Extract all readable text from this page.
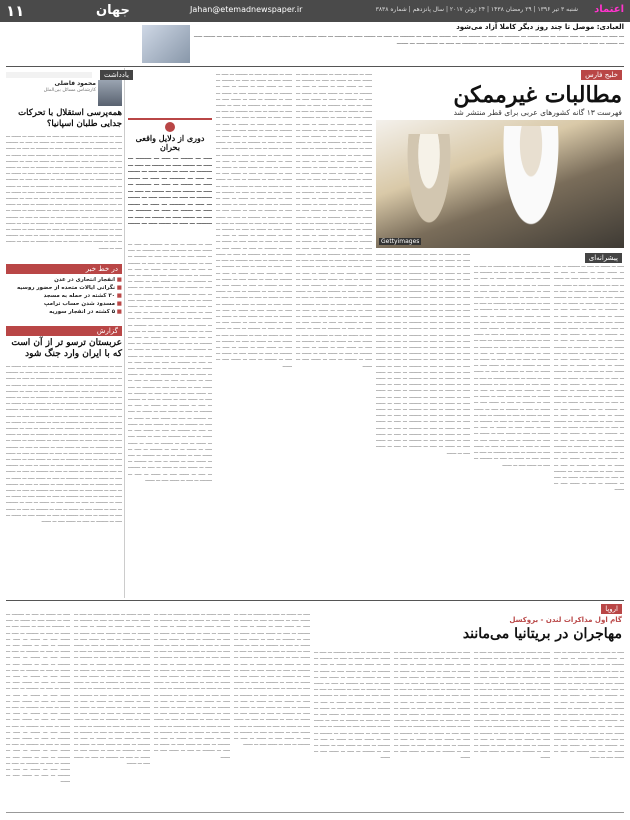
۱۱	جهان	Jahan@etemadnewspaper.ir	شنبه ۳ تیر ۱۳۹۶ | ۲۹ رمضان ۱۴۳۸ | ۲۴ ژوئن ۲۰۱۷ | سال پانزدهم | شماره ۳۸۳۸ اعتماد
العبادی: موصل تا چند روز دیگر کاملا آزاد می‌شود
ـــ ـــــ ـــ ـــــــــ ـــ ـــــ ـــــــ ـــ ـــــ ـــــــ ـــ ـــــــــ ـــ ـــــ ـــ ـــــــ ـــــ ـــ ـــــــ ـــ ـــــ ـــ ـــــــــ ـــ ـــــ ـــ ـــــــ ـــــ ـــ ـــــــ ـــ ـــــ ـــــــ ـــ ـــ ـــــــ ـــ ـــــ ـــ ـــــــــ ـــ ـــــ ـــ ـــــــ ـــــ ـــ ـــــــ ـــ ـــــ ـــ ـــــــــ ـــ ـــــ ـــ ـــــــ ـــــ ـــ ـــــــ ـــ ـــــ ـــ ـــــــــ ـــ ـــــ ـــ ـــــــ ـــــ ـــ ـــــــ
خلیج فارس
مطالبات غیرممکن
فهرست ۱۳ گانه کشورهای عربی برای قطر منتشر شد
Gettyimages
پیشرانه‌ای

ـــــ ـــ ـــــــ ـــ ـــــ ـــ ـــــــــ ـــ ـــــ ـــ ـــــــ ـــــ ـــ ـــــــ ـــ ـــــ ـــ ـــــــــ ـــ ـــــ ـــ ـــــــ ـــــ ـــ ـــــــ ـــ ـــــ ـــ ـــــــــ ـــ ـــــ ـــ ـــــــ ـــــ ـــ ـــــــ ـــ ـــــ ـــ ـــــــــ ـــ ـــــ ـــ ـــــــ ـــــ ـــ ـــــــ ـــ ـــــ ـــ ـــــــــ ـــ ـــــ ـــ ـــــــ ـــــ ـــ ـــــــ ـــ ـــــ ـــ ـــــــــ ـــ ـــــ ـــ ـــــــ ـــــ ـــ ـــــــ ـــ ـــــ ـــ ـــــــــ ـــ ـــــ ـــ ـــــــ ـــــ ـــ ـــــــ ـــ ـــــ ـــ ـــــــــ ـــ ـــــ ـــ ـــــــ ـــــ ـــ ـــــــ ـــ ـــــ ـــ ـــــــــ ـــ ـــــ ـــ ـــــــ ـــــ ـــ ـــــــ ـــ ـــــ ـــ ـــــــــ ـــ ـــــ ـــ ـــــــ ـــــ ـــ ـــــــ ـــ ـــــ ـــ ـــــــــ ـــ ـــــ ـــ ـــــــ ـــــ ـــ ـــــــ ـــ ـــــ ـــ ـــــــــ ـــ ـــــ ـــ ـــــــ ـــــ ـــ ـــــــ ـــ ـــــ ـــ ـــــــــ ـــ ـــــ ـــ ـــــــ ـــــ ـــ ـــــــ ـــ ـــــ ـــ ـــــــــ ـــ ـــــ ـــ ـــــــ ـــــ ـــ ـــــــ ـــ ـــــ ـــ ـــــــــ ـــ ـــــ ـــ ـــــــ ـــــ ـــ ـــــــ ـــ ـــــ ـــ ـــــــــ ـــ ـــــ ـــ ـــــــ ـــــ ـــ ـــــــ ـــ ـــــ ـــ ـــــــــ ـــ ـــــ ـــ ـــــــ ـــــ ـــ ـــــــ ـــ ـــــ ـــ ـــــــــ ـــ ـــــ ـــ ـــــــ ـــــ ـــ ـــــــ ـــ ـــــ ـــ ـــــــــ ـــ ـــــ ـــ ـــــــ ـــــ ـــ ـــــــ ـــ ـــــ ـــ ـــــــــ ـــ ـــــ ـــ ـــــــ ـــــ ـــ ـــــــ ـــ ـــــ ـــ ـــــــــ ـــ ـــــ ـــ ـــــــ ـــــ ـــ ـــــــ ـــ ـــــ ـــ ـــــــــ ـــ ـــــ ـــ ـــــــ ـــــ ـــ ـــــــ ـــ ـــــ ـــ ـــــــــ ـــ ـــــ ـــ ـــــــ ـــــ ـــ ـــــــ ـــ ـــــ ـــ ـــــــــ ـــ ـــــ ـــ ـــــــ ـــــ ـــ ـــــــ ـــ ـــــ ـــ ـــــــــ ـــ ـــــ ـــ ـــــــ ـــــ ـــ ـــــــ ـــ ـــــ ـــ ـــــــــ ـــ ـــــ ـــ ـــــــ ـــــ ـــ ـــــــ ـــ ـــــ ـــ ـــــــــ ـــ ـــــ ـــ ـــــــ ـــــ ـــ ـــــــ

ـــــ ـــ ـــــــ ـــ ـــــ ـــ ـــــــــ ـــ ـــــ ـــ ـــــــ ـــــ ـــ ـــــــ ـــ ـــــ ـــ ـــــــــ ـــ ـــــ ـــ ـــــــ ـــــ ـــ ـــــــ ـــ ـــــ ـــ ـــــــــ ـــ ـــــ ـــ ـــــــ ـــــ ـــ ـــــــ ـــ ـــــ ـــ ـــــــــ ـــ ـــــ ـــ ـــــــ ـــــ ـــ ـــــــ ـــ ـــــ ـــ ـــــــــ ـــ ـــــ ـــ ـــــــ ـــــ ـــ ـــــــ ـــ ـــــ ـــ ـــــــــ ـــ ـــــ ـــ ـــــــ ـــــ ـــ ـــــــ ـــ ـــــ ـــ ـــــــــ ـــ ـــــ ـــ ـــــــ ـــــ ـــ ـــــــ ـــ ـــــ ـــ ـــــــــ ـــ ـــــ ـــ ـــــــ ـــــ ـــ ـــــــ ـــ ـــــ ـــ ـــــــــ ـــ ـــــ ـــ ـــــــ ـــــ ـــ ـــــــ ـــ ـــــ ـــ ـــــــــ ـــ ـــــ ـــ ـــــــ ـــــ ـــ ـــــــ ـــ ـــــ ـــ ـــــــــ ـــ ـــــ ـــ ـــــــ ـــــ ـــ ـــــــ ـــ ـــــ ـــ ـــــــــ ـــ ـــــ ـــ ـــــــ ـــــ ـــ ـــــــ ـــ ـــــ ـــ ـــــــــ ـــ ـــــ ـــ ـــــــ ـــــ ـــ ـــــــ ـــ ـــــ ـــ ـــــــــ ـــ ـــــ ـــ ـــــــ ـــــ ـــ ـــــــ ـــ ـــــ ـــ ـــــــــ ـــ ـــــ ـــ ـــــــ ـــــ ـــ ـــــــ ـــ ـــــ ـــ ـــــــــ ـــ ـــــ ـــ ـــــــ ـــــ ـــ ـــــــ ـــ ـــــ ـــ ـــــــــ ـــ ـــــ ـــ ـــــــ ـــــ ـــ ـــــــ ـــ ـــــ ـــ ـــــــــ ـــ ـــــ ـــ ـــــــ ـــــ ـــ ـــــــ ـــ ـــــ ـــ ـــــــــ ـــ ـــــ ـــ ـــــــ ـــــ ـــ ـــــــ ـــ ـــــ ـــ ـــــــــ ـــ ـــــ ـــ ـــــــ ـــــ ـــ ـــــــ ـــ ـــــ ـــ ـــــــــ ـــ ـــــ ـــ ـــــــ ـــــ ـــ ـــــــ ـــ ـــــ ـــ ـــــــــ ـــ ـــــ ـــ ـــــــ ـــــ ـــ ـــــــ ـــ ـــــ ـــ ـــــــــ ـــ ـــــ ـــ ـــــــ ـــــ ـــ ـــــــ ـــ ـــــ ـــ ـــــــــ ـــ ـــــ ـــ ـــــــ ـــــ ـــ ـــــــ ـــ ـــــ ـــ ـــــــــ ـــ ـــــ ـــ ـــــــ ـــــ ـــ ـــــــ ـــ ـــــ ـــ ـــــــــ ـــ ـــــ ـــ ـــــــ ـــــ ـــ ـــــــ ـــ ـــــ ـــ ـــــــــ ـــ ـــــ ـــ ـــــــ ـــــ ـــ ـــــــ

ـــــ ـــ ـــــــ ـــ ـــــ ـــ ـــــــــ ـــ ـــــ ـــ ـــــــ ـــــ ـــ ـــــــ ـــ ـــــ ـــ ـــــــــ ـــ ـــــ ـــ ـــــــ ـــــ ـــ ـــــــ ـــ ـــــ ـــ ـــــــــ ـــ ـــــ ـــ ـــــــ ـــــ ـــ ـــــــ ـــ ـــــ ـــ ـــــــــ ـــ ـــــ ـــ ـــــــ ـــــ ـــ ـــــــ ـــ ـــــ ـــ ـــــــــ ـــ ـــــ ـــ ـــــــ ـــــ ـــ ـــــــ ـــ ـــــ ـــ ـــــــــ ـــ ـــــ ـــ ـــــــ ـــــ ـــ ـــــــ ـــ ـــــ ـــ ـــــــــ ـــ ـــــ ـــ ـــــــ ـــــ ـــ ـــــــ ـــ ـــــ ـــ ـــــــــ ـــ ـــــ ـــ ـــــــ ـــــ ـــ ـــــــ ـــ ـــــ ـــ ـــــــــ ـــ ـــــ ـــ ـــــــ ـــــ ـــ ـــــــ ـــ ـــــ ـــ ـــــــــ ـــ ـــــ ـــ ـــــــ ـــــ ـــ ـــــــ ـــ ـــــ ـــ ـــــــــ ـــ ـــــ ـــ ـــــــ ـــــ ـــ ـــــــ ـــ ـــــ ـــ ـــــــــ ـــ ـــــ ـــ ـــــــ ـــــ ـــ ـــــــ ـــ ـــــ ـــ ـــــــــ ـــ ـــــ ـــ ـــــــ ـــــ ـــ ـــــــ ـــ ـــــ ـــ ـــــــــ ـــ ـــــ ـــ ـــــــ ـــــ ـــ ـــــــ ـــ ـــــ ـــ ـــــــــ ـــ ـــــ ـــ ـــــــ ـــــ ـــ ـــــــ ـــ ـــــ ـــ ـــــــــ ـــ ـــــ ـــ ـــــــ ـــــ ـــ ـــــــ ـــ ـــــ ـــ ـــــــــ ـــ ـــــ ـــ ـــــــ ـــــ ـــ ـــــــ ـــ ـــــ ـــ ـــــــــ ـــ ـــــ ـــ ـــــــ ـــــ ـــ ـــــــ ـــ ـــــ ـــ ـــــــــ ـــ ـــــ ـــ ـــــــ ـــــ ـــ ـــــــ ـــ ـــــ ـــ ـــــــــ ـــ ـــــ ـــ ـــــــ ـــــ ـــ ـــــــ ـــ ـــــ ـــ ـــــــــ ـــ ـــــ ـــ ـــــــ ـــــ ـــ ـــــــ ـــ ـــــ ـــ ـــــــــ ـــ ـــــ ـــ ـــــــ ـــــ ـــ ـــــــ ـــ ـــــ ـــ ـــــــــ ـــ ـــــ ـــ ـــــــ ـــــ ـــ ـــــــ ـــ ـــــ ـــ ـــــــــ ـــ ـــــ ـــ ـــــــ ـــــ ـــ ـــــــ ـــ ـــــ ـــ ـــــــــ ـــ ـــــ ـــ ـــــــ ـــــ ـــ ـــــــ ـــ ـــــ ـــ ـــــــــ ـــ ـــــ ـــ ـــــــ ـــــ ـــ ـــــــ ـــ ـــــ ـــ ـــــــــ ـــ ـــــ ـــ ـــــــ ـــــ ـــ ـــــــ ـــ ـــــ ـــ ـــــــــ ـــ ـــــ ـــ ـــــــ ـــــ ـــ ـــــــ ـــ ـــــ ـــ ـــــــــ ـــ ـــــ ـــ ـــــــ ـــــ ـــ ـــــــ ـــ ـــــ ـــ ـــــــــ ـــ ـــــ ـــ ـــــــ ـــــ ـــ ـــــــ ـــ ـــــ ـــ ـــــــــ ـــ ـــــ ـــ ـــــــ ـــــ ـــ ـــــــ ـــ ـــــ ـــ ـــــــــ ـــ ـــــ ـــ ـــــــ ـــــ ـــ ـــــــ

ـــــ ـــ ـــــــ ـــ ـــــ ـــ ـــــــــ ـــ ـــــ ـــ ـــــــ ـــــ ـــ ـــــــ ـــ ـــــ ـــ ـــــــــ ـــ ـــــ ـــ ـــــــ ـــــ ـــ ـــــــ ـــ ـــــ ـــ ـــــــــ ـــ ـــــ ـــ ـــــــ ـــــ ـــ ـــــــ ـــ ـــــ ـــ ـــــــــ ـــ ـــــ ـــ ـــــــ ـــــ ـــ ـــــــ ـــ ـــــ ـــ ـــــــــ ـــ ـــــ ـــ ـــــــ ـــــ ـــ ـــــــ ـــ ـــــ ـــ ـــــــــ ـــ ـــــ ـــ ـــــــ ـــــ ـــ ـــــــ ـــ ـــــ ـــ ـــــــــ ـــ ـــــ ـــ ـــــــ ـــــ ـــ ـــــــ ـــ ـــــ ـــ ـــــــــ ـــ ـــــ ـــ ـــــــ ـــــ ـــ ـــــــ ـــ ـــــ ـــ ـــــــــ ـــ ـــــ ـــ ـــــــ ـــــ ـــ ـــــــ ـــ ـــــ ـــ ـــــــــ ـــ ـــــ ـــ ـــــــ ـــــ ـــ ـــــــ ـــ ـــــ ـــ ـــــــــ ـــ ـــــ ـــ ـــــــ ـــــ ـــ ـــــــ ـــ ـــــ ـــ ـــــــــ ـــ ـــــ ـــ ـــــــ ـــــ ـــ ـــــــ ـــ ـــــ ـــ ـــــــــ ـــ ـــــ ـــ ـــــــ ـــــ ـــ ـــــــ ـــ ـــــ ـــ ـــــــــ ـــ ـــــ ـــ ـــــــ ـــــ ـــ ـــــــ ـــ ـــــ ـــ ـــــــــ ـــ ـــــ ـــ ـــــــ ـــــ ـــ ـــــــ ـــ ـــــ ـــ ـــــــــ ـــ ـــــ ـــ ـــــــ ـــــ ـــ ـــــــ ـــ ـــــ ـــ ـــــــــ ـــ ـــــ ـــ ـــــــ ـــــ ـــ ـــــــ ـــ ـــــ ـــ ـــــــــ ـــ ـــــ ـــ ـــــــ ـــــ ـــ ـــــــ ـــ ـــــ ـــ ـــــــــ ـــ ـــــ ـــ ـــــــ ـــــ ـــ ـــــــ ـــ ـــــ ـــ ـــــــــ ـــ ـــــ ـــ ـــــــ ـــــ ـــ ـــــــ ـــ ـــــ ـــ ـــــــــ ـــ ـــــ ـــ ـــــــ ـــــ ـــ ـــــــ ـــ ـــــ ـــ ـــــــــ ـــ ـــــ ـــ ـــــــ ـــــ ـــ ـــــــ ـــ ـــــ ـــ ـــــــــ ـــ ـــــ ـــ ـــــــ ـــــ ـــ ـــــــ ـــ ـــــ ـــ ـــــــــ ـــ ـــــ ـــ ـــــــ ـــــ ـــ ـــــــ ـــ ـــــ ـــ ـــــــــ ـــ ـــــ ـــ ـــــــ ـــــ ـــ ـــــــ ـــ ـــــ ـــ ـــــــــ ـــ ـــــ ـــ ـــــــ ـــــ ـــ ـــــــ ـــ ـــــ ـــ ـــــــــ ـــ ـــــ ـــ ـــــــ ـــــ ـــ ـــــــ ـــ ـــــ ـــ ـــــــــ ـــ ـــــ ـــ ـــــــ ـــــ ـــ ـــــــ ـــ ـــــ ـــ ـــــــــ ـــ ـــــ ـــ ـــــــ ـــــ ـــ ـــــــ ـــ ـــــ ـــ ـــــــــ ـــ ـــــ ـــ ـــــــ ـــــ ـــ ـــــــ ـــ ـــــ ـــ ـــــــــ ـــ ـــــ ـــ ـــــــ ـــــ ـــ ـــــــ ـــ ـــــ ـــ ـــــــــ ـــ ـــــ ـــ ـــــــ ـــــ ـــ ـــــــ ـــ ـــــ ـــ ـــــــــ ـــ ـــــ ـــ ـــــــ ـــــ ـــ ـــــــ ـــ ـــــ ـــ ـــــــــ ـــ ـــــ ـــ ـــــــ ـــــ ـــ ـــــــ ـــ ـــــ ـــ ـــــــــ ـــ ـــــ ـــ ـــــــ ـــــ ـــ ـــــــ ـــ ـــــ ـــ ـــــــــ ـــ ـــــ ـــ ـــــــ ـــــ ـــ ـــــــ ـــ ـــــ ـــ ـــــــــ ـــ ـــــ ـــ ـــــــ ـــــ ـــ ـــــــ ـــ ـــــ ـــ ـــــــــ ـــ ـــــ ـــ ـــــــ ـــــ ـــ ـــــــ ـــ ـــــ ـــ ـــــــــ ـــ ـــــ ـــ ـــــــ ـــــ ـــ ـــــــ

ـــــ ـــ ـــــــ ـــ ـــــ ـــ ـــــــــ ـــ ـــــ ـــ ـــــــ ـــــ ـــ ـــــــ ـــ ـــــ ـــ ـــــــــ ـــ ـــــ ـــ ـــــــ ـــــ ـــ ـــــــ ـــ ـــــ ـــ ـــــــــ ـــ ـــــ ـــ ـــــــ ـــــ ـــ ـــــــ ـــ ـــــ ـــ ـــــــــ ـــ ـــــ ـــ ـــــــ ـــــ ـــ ـــــــ ـــ ـــــ ـــ ـــــــــ ـــ ـــــ ـــ ـــــــ ـــــ ـــ ـــــــ ـــ ـــــ ـــ ـــــــــ ـــ ـــــ ـــ ـــــــ ـــــ ـــ ـــــــ ـــ ـــــ ـــ ـــــــــ ـــ ـــــ ـــ ـــــــ ـــــ ـــ ـــــــ ـــ ـــــ ـــ ـــــــــ ـــ ـــــ ـــ ـــــــ ـــــ ـــ ـــــــ ـــ ـــــ ـــ ـــــــــ ـــ ـــــ ـــ ـــــــ ـــــ ـــ ـــــــ ـــ ـــــ ـــ ـــــــــ ـــ ـــــ ـــ ـــــــ ـــــ ـــ ـــــــ ـــ ـــــ ـــ ـــــــــ ـــ ـــــ ـــ ـــــــ ـــــ ـــ ـــــــ ـــ ـــــ ـــ ـــــــــ ـــ ـــــ ـــ ـــــــ ـــــ ـــ ـــــــ ـــ ـــــ ـــ ـــــــــ ـــ ـــــ ـــ ـــــــ ـــــ ـــ ـــــــ ـــ ـــــ ـــ ـــــــــ ـــ ـــــ ـــ ـــــــ ـــــ ـــ ـــــــ ـــ ـــــ ـــ ـــــــــ ـــ ـــــ ـــ ـــــــ ـــــ ـــ ـــــــ ـــ ـــــ ـــ ـــــــــ ـــ ـــــ ـــ ـــــــ ـــــ ـــ ـــــــ ـــ ـــــ ـــ ـــــــــ ـــ ـــــ ـــ ـــــــ ـــــ ـــ ـــــــ ـــ ـــــ ـــ ـــــــــ ـــ ـــــ ـــ ـــــــ ـــــ ـــ ـــــــ ـــ ـــــ ـــ ـــــــــ ـــ ـــــ ـــ ـــــــ ـــــ ـــ ـــــــ ـــ ـــــ ـــ ـــــــــ ـــ ـــــ ـــ ـــــــ ـــــ ـــ ـــــــ ـــ ـــــ ـــ ـــــــــ ـــ ـــــ ـــ ـــــــ ـــــ ـــ ـــــــ ـــ ـــــ ـــ ـــــــــ ـــ ـــــ ـــ ـــــــ ـــــ ـــ ـــــــ ـــ ـــــ ـــ ـــــــــ ـــ ـــــ ـــ ـــــــ ـــــ ـــ ـــــــ ـــ ـــــ ـــ ـــــــــ ـــ ـــــ ـــ ـــــــ ـــــ ـــ ـــــــ ـــ ـــــ ـــ ـــــــــ ـــ ـــــ ـــ ـــــــ ـــــ ـــ ـــــــ ـــ ـــــ ـــ ـــــــــ ـــ ـــــ ـــ ـــــــ ـــــ ـــ ـــــــ ـــ ـــــ ـــ ـــــــــ ـــ ـــــ ـــ ـــــــ ـــــ ـــ ـــــــ ـــ ـــــ ـــ ـــــــــ ـــ ـــــ ـــ ـــــــ ـــــ ـــ ـــــــ ـــ ـــــ ـــ ـــــــــ ـــ ـــــ ـــ ـــــــ ـــــ ـــ ـــــــ ـــ ـــــ ـــ ـــــــــ ـــ ـــــ ـــ ـــــــ ـــــ ـــ ـــــــ ـــ ـــــ ـــ ـــــــــ ـــ ـــــ ـــ ـــــــ ـــــ ـــ ـــــــ ـــ ـــــ ـــ ـــــــــ ـــ ـــــ ـــ ـــــــ ـــــ ـــ ـــــــ ـــ ـــــ ـــ ـــــــــ ـــ ـــــ ـــ ـــــــ ـــــ ـــ ـــــــ ـــ ـــــ ـــ ـــــــــ ـــ ـــــ ـــ ـــــــ ـــــ ـــ ـــــــ ـــ ـــــ ـــ ـــــــــ ـــ ـــــ ـــ ـــــــ ـــــ ـــ ـــــــ ـــ ـــــ ـــ ـــــــــ ـــ ـــــ ـــ ـــــــ ـــــ ـــ ـــــــ ـــ ـــــ ـــ ـــــــــ ـــ ـــــ ـــ ـــــــ ـــــ ـــ ـــــــ ـــ ـــــ ـــ ـــــــــ ـــ ـــــ ـــ ـــــــ ـــــ ـــ ـــــــ ـــ ـــــ ـــ ـــــــــ ـــ ـــــ ـــ ـــــــ ـــــ ـــ ـــــــ

دوری از دلایل واقعی بحران

ـــــ ـــ ـــــــ ـــ ـــــ ـــ ـــــــــ ـــ ـــــ ـــ ـــــــ ـــــ ـــ ـــــــ ـــ ـــــ ـــ ـــــــــ ـــ ـــــ ـــ ـــــــ ـــــ ـــ ـــــــ ـــ ـــــ ـــ ـــــــــ ـــ ـــــ ـــ ـــــــ ـــــ ـــ ـــــــ ـــ ـــــ ـــ ـــــــــ ـــ ـــــ ـــ ـــــــ ـــــ ـــ ـــــــ ـــ ـــــ ـــ ـــــــــ ـــ ـــــ ـــ ـــــــ ـــــ ـــ ـــــــ ـــ ـــــ ـــ ـــــــــ ـــ ـــــ ـــ ـــــــ ـــــ ـــ ـــــــ ـــ ـــــ ـــ ـــــــــ ـــ ـــــ ـــ ـــــــ ـــــ ـــ ـــــــ ـــ ـــــ ـــ ـــــــــ ـــ ـــــ ـــ ـــــــ ـــــ ـــ ـــــــ

یادداشت
محمود فاضلی
کارشناس مسائل بین‌الملل
همه‌پرسی استقلال با تحرکات جدایی طلبان اسپانیا؟

ـــــ ـــ ـــــــ ـــ ـــــ ـــ ـــــــــ ـــ ـــــ ـــ ـــــــ ـــــ ـــ ـــــــ ـــ ـــــ ـــ ـــــــــ ـــ ـــــ ـــ ـــــــ ـــــ ـــ ـــــــ ـــ ـــــ ـــ ـــــــــ ـــ ـــــ ـــ ـــــــ ـــــ ـــ ـــــــ ـــ ـــــ ـــ ـــــــــ ـــ ـــــ ـــ ـــــــ ـــــ ـــ ـــــــ ـــ ـــــ ـــ ـــــــــ ـــ ـــــ ـــ ـــــــ ـــــ ـــ ـــــــ ـــ ـــــ ـــ ـــــــــ ـــ ـــــ ـــ ـــــــ ـــــ ـــ ـــــــ ـــ ـــــ ـــ ـــــــــ ـــ ـــــ ـــ ـــــــ ـــــ ـــ ـــــــ ـــ ـــــ ـــ ـــــــــ ـــ ـــــ ـــ ـــــــ ـــــ ـــ ـــــــ ـــ ـــــ ـــ ـــــــــ ـــ ـــــ ـــ ـــــــ ـــــ ـــ ـــــــ ـــ ـــــ ـــ ـــــــــ ـــ ـــــ ـــ ـــــــ ـــــ ـــ ـــــــ ـــ ـــــ ـــ ـــــــــ ـــ ـــــ ـــ ـــــــ ـــــ ـــ ـــــــ ـــ ـــــ ـــ ـــــــــ ـــ ـــــ ـــ ـــــــ ـــــ ـــ ـــــــ ـــ ـــــ ـــ ـــــــــ ـــ ـــــ ـــ ـــــــ ـــــ ـــ ـــــــ ـــ ـــــ ـــ ـــــــــ ـــ ـــــ ـــ ـــــــ ـــــ ـــ ـــــــ ـــ ـــــ ـــ ـــــــــ ـــ ـــــ ـــ ـــــــ ـــــ ـــ ـــــــ ـــ ـــــ ـــ ـــــــــ ـــ ـــــ ـــ ـــــــ ـــــ ـــ ـــــــ ـــ ـــــ ـــ ـــــــــ ـــ ـــــ ـــ ـــــــ ـــــ ـــ ـــــــ ـــ ـــــ ـــ ـــــــــ ـــ ـــــ ـــ ـــــــ ـــــ ـــ ـــــــ ـــ ـــــ ـــ ـــــــــ ـــ ـــــ ـــ ـــــــ ـــــ ـــ ـــــــ ـــ ـــــ ـــ ـــــــــ ـــ ـــــ ـــ ـــــــ ـــــ ـــ ـــــــ ـــ ـــــ ـــ ـــــــــ ـــ ـــــ ـــ ـــــــ ـــــ ـــ ـــــــ ـــ ـــــ ـــ ـــــــــ ـــ ـــــ ـــ ـــــــ ـــــ ـــ ـــــــ ـــ ـــــ ـــ ـــــــــ ـــ ـــــ ـــ ـــــــ ـــــ ـــ ـــــــ ـــ ـــــ ـــ ـــــــــ ـــ ـــــ ـــ ـــــــ ـــــ ـــ ـــــــ

در خط خبر
■ انفجار انتحاری در عدن
■ نگرانی ایالات متحده از حضور روسیه
■ ۳۰ کشته در حمله به مسجد
■ مسدود شدن حساب ترامپ
■ ۵ کشته در انفجار سوریه
گزارش
عربستان ترسو تر از آن است که با ایران وارد جنگ شود

ـــــ ـــ ـــــــ ـــ ـــــ ـــ ـــــــــ ـــ ـــــ ـــ ـــــــ ـــــ ـــ ـــــــ ـــ ـــــ ـــ ـــــــــ ـــ ـــــ ـــ ـــــــ ـــــ ـــ ـــــــ ـــ ـــــ ـــ ـــــــــ ـــ ـــــ ـــ ـــــــ ـــــ ـــ ـــــــ ـــ ـــــ ـــ ـــــــــ ـــ ـــــ ـــ ـــــــ ـــــ ـــ ـــــــ ـــ ـــــ ـــ ـــــــــ ـــ ـــــ ـــ ـــــــ ـــــ ـــ ـــــــ ـــ ـــــ ـــ ـــــــــ ـــ ـــــ ـــ ـــــــ ـــــ ـــ ـــــــ ـــ ـــــ ـــ ـــــــــ ـــ ـــــ ـــ ـــــــ ـــــ ـــ ـــــــ ـــ ـــــ ـــ ـــــــــ ـــ ـــــ ـــ ـــــــ ـــــ ـــ ـــــــ ـــ ـــــ ـــ ـــــــــ ـــ ـــــ ـــ ـــــــ ـــــ ـــ ـــــــ ـــ ـــــ ـــ ـــــــــ ـــ ـــــ ـــ ـــــــ ـــــ ـــ ـــــــ ـــ ـــــ ـــ ـــــــــ ـــ ـــــ ـــ ـــــــ ـــــ ـــ ـــــــ ـــ ـــــ ـــ ـــــــــ ـــ ـــــ ـــ ـــــــ ـــــ ـــ ـــــــ ـــ ـــــ ـــ ـــــــــ ـــ ـــــ ـــ ـــــــ ـــــ ـــ ـــــــ ـــ ـــــ ـــ ـــــــــ ـــ ـــــ ـــ ـــــــ ـــــ ـــ ـــــــ ـــ ـــــ ـــ ـــــــــ ـــ ـــــ ـــ ـــــــ ـــــ ـــ ـــــــ ـــ ـــــ ـــ ـــــــــ ـــ ـــــ ـــ ـــــــ ـــــ ـــ ـــــــ ـــ ـــــ ـــ ـــــــــ ـــ ـــــ ـــ ـــــــ ـــــ ـــ ـــــــ ـــ ـــــ ـــ ـــــــــ ـــ ـــــ ـــ ـــــــ ـــــ ـــ ـــــــ ـــ ـــــ ـــ ـــــــــ ـــ ـــــ ـــ ـــــــ ـــــ ـــ ـــــــ ـــ ـــــ ـــ ـــــــــ ـــ ـــــ ـــ ـــــــ ـــــ ـــ ـــــــ ـــ ـــــ ـــ ـــــــــ ـــ ـــــ ـــ ـــــــ ـــــ ـــ ـــــــ ـــ ـــــ ـــ ـــــــــ ـــ ـــــ ـــ ـــــــ ـــــ ـــ ـــــــ ـــ ـــــ ـــ ـــــــــ ـــ ـــــ ـــ ـــــــ ـــــ ـــ ـــــــ ـــ ـــــ ـــ ـــــــــ ـــ ـــــ ـــ ـــــــ ـــــ ـــ ـــــــ ـــ ـــــ ـــ ـــــــــ ـــ ـــــ ـــ ـــــــ ـــــ ـــ ـــــــ ـــ ـــــ ـــ ـــــــــ ـــ ـــــ ـــ ـــــــ ـــــ ـــ ـــــــ ـــ ـــــ ـــ ـــــــــ ـــ ـــــ ـــ ـــــــ ـــــ ـــ ـــــــ ـــ ـــــ ـــ ـــــــــ ـــ ـــــ ـــ ـــــــ ـــــ ـــ ـــــــ ـــ ـــــ ـــ ـــــــــ ـــ ـــــ ـــ ـــــــ ـــــ ـــ ـــــــ ـــ ـــــ ـــ ـــــــــ ـــ ـــــ ـــ ـــــــ ـــــ ـــ ـــــــ ـــ ـــــ ـــ ـــــــــ ـــ ـــــ ـــ ـــــــ ـــــ ـــ ـــــــ ـــ ـــــ ـــ ـــــــــ ـــ ـــــ ـــ ـــــــ ـــــ ـــ ـــــــ ـــ ـــــ ـــ ـــــــــ ـــ ـــــ ـــ ـــــــ ـــــ ـــ ـــــــ ـــ ـــــ ـــ ـــــــــ ـــ ـــــ ـــ ـــــــ ـــــ ـــ ـــــــ

ـــــ ـــ ـــــــ ـــ ـــــ ـــ ـــــــــ ـــ ـــــ ـــ ـــــــ ـــــ ـــ ـــــــ ـــ ـــــ ـــ ـــــــــ ـــ ـــــ ـــ ـــــــ ـــــ ـــ ـــــــ ـــ ـــــ ـــ ـــــــــ ـــ ـــــ ـــ ـــــــ ـــــ ـــ ـــــــ ـــ ـــــ ـــ ـــــــــ ـــ ـــــ ـــ ـــــــ ـــــ ـــ ـــــــ ـــ ـــــ ـــ ـــــــــ ـــ ـــــ ـــ ـــــــ ـــــ ـــ ـــــــ ـــ ـــــ ـــ ـــــــــ ـــ ـــــ ـــ ـــــــ ـــــ ـــ ـــــــ ـــ ـــــ ـــ ـــــــــ ـــ ـــــ ـــ ـــــــ ـــــ ـــ ـــــــ ـــ ـــــ ـــ ـــــــــ ـــ ـــــ ـــ ـــــــ ـــــ ـــ ـــــــ ـــ ـــــ ـــ ـــــــــ ـــ ـــــ ـــ ـــــــ ـــــ ـــ ـــــــ ـــ ـــــ ـــ ـــــــــ ـــ ـــــ ـــ ـــــــ ـــــ ـــ ـــــــ ـــ ـــــ ـــ ـــــــــ ـــ ـــــ ـــ ـــــــ ـــــ ـــ ـــــــ ـــ ـــــ ـــ ـــــــــ ـــ ـــــ ـــ ـــــــ ـــــ ـــ ـــــــ ـــ ـــــ ـــ ـــــــــ ـــ ـــــ ـــ ـــــــ ـــــ ـــ ـــــــ ـــ ـــــ ـــ ـــــــــ ـــ ـــــ ـــ ـــــــ ـــــ ـــ ـــــــ ـــ ـــــ ـــ ـــــــــ ـــ ـــــ ـــ ـــــــ ـــــ ـــ ـــــــ ـــ ـــــ ـــ ـــــــــ ـــ ـــــ ـــ ـــــــ ـــــ ـــ ـــــــ ـــ ـــــ ـــ ـــــــــ ـــ ـــــ ـــ ـــــــ ـــــ ـــ ـــــــ ـــ ـــــ ـــ ـــــــــ ـــ ـــــ ـــ ـــــــ ـــــ ـــ ـــــــ ـــ ـــــ ـــ ـــــــــ ـــ ـــــ ـــ ـــــــ ـــــ ـــ ـــــــ ـــ ـــــ ـــ ـــــــــ ـــ ـــــ ـــ ـــــــ ـــــ ـــ ـــــــ ـــ ـــــ ـــ ـــــــــ ـــ ـــــ ـــ ـــــــ ـــــ ـــ ـــــــ ـــ ـــــ ـــ ـــــــــ ـــ ـــــ ـــ ـــــــ ـــــ ـــ ـــــــ ـــ ـــــ ـــ ـــــــــ ـــ ـــــ ـــ ـــــــ ـــــ ـــ ـــــــ ـــ ـــــ ـــ ـــــــــ ـــ ـــــ ـــ ـــــــ ـــــ ـــ ـــــــ ـــ ـــــ ـــ ـــــــــ ـــ ـــــ ـــ ـــــــ ـــــ ـــ ـــــــ ـــ ـــــ ـــ ـــــــــ ـــ ـــــ ـــ ـــــــ ـــــ ـــ ـــــــ ـــ ـــــ ـــ ـــــــــ ـــ ـــــ ـــ ـــــــ ـــــ ـــ ـــــــ ـــ ـــــ ـــ ـــــــــ ـــ ـــــ ـــ ـــــــ ـــــ ـــ ـــــــ ـــ ـــــ ـــ ـــــــــ ـــ ـــــ ـــ ـــــــ ـــــ ـــ ـــــــ ـــ ـــــ ـــ ـــــــــ ـــ ـــــ ـــ ـــــــ ـــــ ـــ ـــــــ ـــ ـــــ ـــ ـــــــــ ـــ ـــــ ـــ ـــــــ ـــــ ـــ ـــــــ ـــ ـــــ ـــ ـــــــــ ـــ ـــــ ـــ ـــــــ ـــــ ـــ ـــــــ ـــ ـــــ ـــ ـــــــــ ـــ ـــــ ـــ ـــــــ ـــــ ـــ ـــــــ ـــ ـــــ ـــ ـــــــــ ـــ ـــــ ـــ ـــــــ ـــــ ـــ ـــــــ ـــ ـــــ ـــ ـــــــــ ـــ ـــــ ـــ ـــــــ ـــــ ـــ ـــــــ

اروپا
گام اول مذاکرات لندن - بروکسل
مهاجران در بریتانیا می‌مانند

ـــــ ـــ ـــــــ ـــ ـــــ ـــ ـــــــــ ـــ ـــــ ـــ ـــــــ ـــــ ـــ ـــــــ ـــ ـــــ ـــ ـــــــــ ـــ ـــــ ـــ ـــــــ ـــــ ـــ ـــــــ ـــ ـــــ ـــ ـــــــــ ـــ ـــــ ـــ ـــــــ ـــــ ـــ ـــــــ ـــ ـــــ ـــ ـــــــــ ـــ ـــــ ـــ ـــــــ ـــــ ـــ ـــــــ ـــ ـــــ ـــ ـــــــــ ـــ ـــــ ـــ ـــــــ ـــــ ـــ ـــــــ ـــ ـــــ ـــ ـــــــــ ـــ ـــــ ـــ ـــــــ ـــــ ـــ ـــــــ ـــ ـــــ ـــ ـــــــــ ـــ ـــــ ـــ ـــــــ ـــــ ـــ ـــــــ ـــ ـــــ ـــ ـــــــــ ـــ ـــــ ـــ ـــــــ ـــــ ـــ ـــــــ ـــ ـــــ ـــ ـــــــــ ـــ ـــــ ـــ ـــــــ ـــــ ـــ ـــــــ ـــ ـــــ ـــ ـــــــــ ـــ ـــــ ـــ ـــــــ ـــــ ـــ ـــــــ ـــ ـــــ ـــ ـــــــــ ـــ ـــــ ـــ ـــــــ ـــــ ـــ ـــــــ ـــ ـــــ ـــ ـــــــــ ـــ ـــــ ـــ ـــــــ ـــــ ـــ ـــــــ ـــ ـــــ ـــ ـــــــــ ـــ ـــــ ـــ ـــــــ ـــــ ـــ ـــــــ

ـــــ ـــ ـــــــ ـــ ـــــ ـــ ـــــــــ ـــ ـــــ ـــ ـــــــ ـــــ ـــ ـــــــ ـــ ـــــ ـــ ـــــــــ ـــ ـــــ ـــ ـــــــ ـــــ ـــ ـــــــ ـــ ـــــ ـــ ـــــــــ ـــ ـــــ ـــ ـــــــ ـــــ ـــ ـــــــ ـــ ـــــ ـــ ـــــــــ ـــ ـــــ ـــ ـــــــ ـــــ ـــ ـــــــ ـــ ـــــ ـــ ـــــــــ ـــ ـــــ ـــ ـــــــ ـــــ ـــ ـــــــ ـــ ـــــ ـــ ـــــــــ ـــ ـــــ ـــ ـــــــ ـــــ ـــ ـــــــ ـــ ـــــ ـــ ـــــــــ ـــ ـــــ ـــ ـــــــ ـــــ ـــ ـــــــ ـــ ـــــ ـــ ـــــــــ ـــ ـــــ ـــ ـــــــ ـــــ ـــ ـــــــ ـــ ـــــ ـــ ـــــــــ ـــ ـــــ ـــ ـــــــ ـــــ ـــ ـــــــ ـــ ـــــ ـــ ـــــــــ ـــ ـــــ ـــ ـــــــ ـــــ ـــ ـــــــ ـــ ـــــ ـــ ـــــــــ ـــ ـــــ ـــ ـــــــ ـــــ ـــ ـــــــ ـــ ـــــ ـــ ـــــــــ ـــ ـــــ ـــ ـــــــ ـــــ ـــ ـــــــ ـــ ـــــ ـــ ـــــــــ ـــ ـــــ ـــ ـــــــ ـــــ ـــ ـــــــ ـــ ـــــ ـــ ـــــــــ ـــ ـــــ ـــ ـــــــ ـــــ ـــ ـــــــ

ـــــ ـــ ـــــــ ـــ ـــــ ـــ ـــــــــ ـــ ـــــ ـــ ـــــــ ـــــ ـــ ـــــــ ـــ ـــــ ـــ ـــــــــ ـــ ـــــ ـــ ـــــــ ـــــ ـــ ـــــــ ـــ ـــــ ـــ ـــــــــ ـــ ـــــ ـــ ـــــــ ـــــ ـــ ـــــــ ـــ ـــــ ـــ ـــــــــ ـــ ـــــ ـــ ـــــــ ـــــ ـــ ـــــــ ـــ ـــــ ـــ ـــــــــ ـــ ـــــ ـــ ـــــــ ـــــ ـــ ـــــــ ـــ ـــــ ـــ ـــــــــ ـــ ـــــ ـــ ـــــــ ـــــ ـــ ـــــــ ـــ ـــــ ـــ ـــــــــ ـــ ـــــ ـــ ـــــــ ـــــ ـــ ـــــــ ـــ ـــــ ـــ ـــــــــ ـــ ـــــ ـــ ـــــــ ـــــ ـــ ـــــــ ـــ ـــــ ـــ ـــــــــ ـــ ـــــ ـــ ـــــــ ـــــ ـــ ـــــــ ـــ ـــــ ـــ ـــــــــ ـــ ـــــ ـــ ـــــــ ـــــ ـــ ـــــــ ـــ ـــــ ـــ ـــــــــ ـــ ـــــ ـــ ـــــــ ـــــ ـــ ـــــــ ـــ ـــــ ـــ ـــــــــ ـــ ـــــ ـــ ـــــــ ـــــ ـــ ـــــــ ـــ ـــــ ـــ ـــــــــ ـــ ـــــ ـــ ـــــــ ـــــ ـــ ـــــــ ـــ ـــــ ـــ ـــــــــ ـــ ـــــ ـــ ـــــــ ـــــ ـــ ـــــــ

ـــــ ـــ ـــــــ ـــ ـــــ ـــ ـــــــــ ـــ ـــــ ـــ ـــــــ ـــــ ـــ ـــــــ ـــ ـــــ ـــ ـــــــــ ـــ ـــــ ـــ ـــــــ ـــــ ـــ ـــــــ ـــ ـــــ ـــ ـــــــــ ـــ ـــــ ـــ ـــــــ ـــــ ـــ ـــــــ ـــ ـــــ ـــ ـــــــــ ـــ ـــــ ـــ ـــــــ ـــــ ـــ ـــــــ ـــ ـــــ ـــ ـــــــــ ـــ ـــــ ـــ ـــــــ ـــــ ـــ ـــــــ ـــ ـــــ ـــ ـــــــــ ـــ ـــــ ـــ ـــــــ ـــــ ـــ ـــــــ ـــ ـــــ ـــ ـــــــــ ـــ ـــــ ـــ ـــــــ ـــــ ـــ ـــــــ ـــ ـــــ ـــ ـــــــــ ـــ ـــــ ـــ ـــــــ ـــــ ـــ ـــــــ ـــ ـــــ ـــ ـــــــــ ـــ ـــــ ـــ ـــــــ ـــــ ـــ ـــــــ ـــ ـــــ ـــ ـــــــــ ـــ ـــــ ـــ ـــــــ ـــــ ـــ ـــــــ ـــ ـــــ ـــ ـــــــــ ـــ ـــــ ـــ ـــــــ ـــــ ـــ ـــــــ ـــ ـــــ ـــ ـــــــــ ـــ ـــــ ـــ ـــــــ ـــــ ـــ ـــــــ ـــ ـــــ ـــ ـــــــــ ـــ ـــــ ـــ ـــــــ ـــــ ـــ ـــــــ ـــ ـــــ ـــ ـــــــــ ـــ ـــــ ـــ ـــــــ ـــــ ـــ ـــــــ

ـــــ ـــ ـــــــ ـــ ـــــ ـــ ـــــــــ ـــ ـــــ ـــ ـــــــ ـــــ ـــ ـــــــ ـــ ـــــ ـــ ـــــــــ ـــ ـــــ ـــ ـــــــ ـــــ ـــ ـــــــ ـــ ـــــ ـــ ـــــــــ ـــ ـــــ ـــ ـــــــ ـــــ ـــ ـــــــ ـــ ـــــ ـــ ـــــــــ ـــ ـــــ ـــ ـــــــ ـــــ ـــ ـــــــ ـــ ـــــ ـــ ـــــــــ ـــ ـــــ ـــ ـــــــ ـــــ ـــ ـــــــ ـــ ـــــ ـــ ـــــــــ ـــ ـــــ ـــ ـــــــ ـــــ ـــ ـــــــ ـــ ـــــ ـــ ـــــــــ ـــ ـــــ ـــ ـــــــ ـــــ ـــ ـــــــ ـــ ـــــ ـــ ـــــــــ ـــ ـــــ ـــ ـــــــ ـــــ ـــ ـــــــ ـــ ـــــ ـــ ـــــــــ ـــ ـــــ ـــ ـــــــ ـــــ ـــ ـــــــ ـــ ـــــ ـــ ـــــــــ ـــ ـــــ ـــ ـــــــ ـــــ ـــ ـــــــ ـــ ـــــ ـــ ـــــــــ ـــ ـــــ ـــ ـــــــ ـــــ ـــ ـــــــ ـــ ـــــ ـــ ـــــــــ ـــ ـــــ ـــ ـــــــ ـــــ ـــ ـــــــ ـــ ـــــ ـــ ـــــــــ ـــ ـــــ ـــ ـــــــ ـــــ ـــ ـــــــ ـــ ـــــ ـــ ـــــــــ ـــ ـــــ ـــ ـــــــ ـــــ ـــ ـــــــ ـــ ـــــ ـــ ـــــــــ ـــ ـــــ ـــ ـــــــ ـــــ ـــ ـــــــ ـــ ـــــ ـــ ـــــــــ ـــ ـــــ ـــ ـــــــ ـــــ ـــ ـــــــ ـــ ـــــ ـــ ـــــــــ ـــ ـــــ ـــ ـــــــ ـــــ ـــ ـــــــ ـــ ـــــ ـــ ـــــــــ ـــ ـــــ ـــ ـــــــ ـــــ ـــ ـــــــ

ـــــ ـــ ـــــــ ـــ ـــــ ـــ ـــــــــ ـــ ـــــ ـــ ـــــــ ـــــ ـــ ـــــــ ـــ ـــــ ـــ ـــــــــ ـــ ـــــ ـــ ـــــــ ـــــ ـــ ـــــــ ـــ ـــــ ـــ ـــــــــ ـــ ـــــ ـــ ـــــــ ـــــ ـــ ـــــــ ـــ ـــــ ـــ ـــــــــ ـــ ـــــ ـــ ـــــــ ـــــ ـــ ـــــــ ـــ ـــــ ـــ ـــــــــ ـــ ـــــ ـــ ـــــــ ـــــ ـــ ـــــــ ـــ ـــــ ـــ ـــــــــ ـــ ـــــ ـــ ـــــــ ـــــ ـــ ـــــــ ـــ ـــــ ـــ ـــــــــ ـــ ـــــ ـــ ـــــــ ـــــ ـــ ـــــــ ـــ ـــــ ـــ ـــــــــ ـــ ـــــ ـــ ـــــــ ـــــ ـــ ـــــــ ـــ ـــــ ـــ ـــــــــ ـــ ـــــ ـــ ـــــــ ـــــ ـــ ـــــــ ـــ ـــــ ـــ ـــــــــ ـــ ـــــ ـــ ـــــــ ـــــ ـــ ـــــــ ـــ ـــــ ـــ ـــــــــ ـــ ـــــ ـــ ـــــــ ـــــ ـــ ـــــــ ـــ ـــــ ـــ ـــــــــ ـــ ـــــ ـــ ـــــــ ـــــ ـــ ـــــــ ـــ ـــــ ـــ ـــــــــ ـــ ـــــ ـــ ـــــــ ـــــ ـــ ـــــــ ـــ ـــــ ـــ ـــــــــ ـــ ـــــ ـــ ـــــــ ـــــ ـــ ـــــــ ـــ ـــــ ـــ ـــــــــ ـــ ـــــ ـــ ـــــــ ـــــ ـــ ـــــــ ـــ ـــــ ـــ ـــــــــ ـــ ـــــ ـــ ـــــــ ـــــ ـــ ـــــــ ـــ ـــــ ـــ ـــــــــ ـــ ـــــ ـــ ـــــــ ـــــ ـــ ـــــــ ـــ ـــــ ـــ ـــــــــ ـــ ـــــ ـــ ـــــــ ـــــ ـــ ـــــــ ـــ ـــــ ـــ ـــــــــ ـــ ـــــ ـــ ـــــــ ـــــ ـــ ـــــــ

ـــــ ـــ ـــــــ ـــ ـــــ ـــ ـــــــــ ـــ ـــــ ـــ ـــــــ ـــــ ـــ ـــــــ ـــ ـــــ ـــ ـــــــــ ـــ ـــــ ـــ ـــــــ ـــــ ـــ ـــــــ ـــ ـــــ ـــ ـــــــــ ـــ ـــــ ـــ ـــــــ ـــــ ـــ ـــــــ ـــ ـــــ ـــ ـــــــــ ـــ ـــــ ـــ ـــــــ ـــــ ـــ ـــــــ ـــ ـــــ ـــ ـــــــــ ـــ ـــــ ـــ ـــــــ ـــــ ـــ ـــــــ ـــ ـــــ ـــ ـــــــــ ـــ ـــــ ـــ ـــــــ ـــــ ـــ ـــــــ ـــ ـــــ ـــ ـــــــــ ـــ ـــــ ـــ ـــــــ ـــــ ـــ ـــــــ ـــ ـــــ ـــ ـــــــــ ـــ ـــــ ـــ ـــــــ ـــــ ـــ ـــــــ ـــ ـــــ ـــ ـــــــــ ـــ ـــــ ـــ ـــــــ ـــــ ـــ ـــــــ ـــ ـــــ ـــ ـــــــــ ـــ ـــــ ـــ ـــــــ ـــــ ـــ ـــــــ ـــ ـــــ ـــ ـــــــــ ـــ ـــــ ـــ ـــــــ ـــــ ـــ ـــــــ ـــ ـــــ ـــ ـــــــــ ـــ ـــــ ـــ ـــــــ ـــــ ـــ ـــــــ ـــ ـــــ ـــ ـــــــــ ـــ ـــــ ـــ ـــــــ ـــــ ـــ ـــــــ ـــ ـــــ ـــ ـــــــــ ـــ ـــــ ـــ ـــــــ ـــــ ـــ ـــــــ ـــ ـــــ ـــ ـــــــــ ـــ ـــــ ـــ ـــــــ ـــــ ـــ ـــــــ ـــ ـــــ ـــ ـــــــــ ـــ ـــــ ـــ ـــــــ ـــــ ـــ ـــــــ ـــ ـــــ ـــ ـــــــــ ـــ ـــــ ـــ ـــــــ ـــــ ـــ ـــــــ ـــ ـــــ ـــ ـــــــــ ـــ ـــــ ـــ ـــــــ ـــــ ـــ ـــــــ ـــ ـــــ ـــ ـــــــــ ـــ ـــــ ـــ ـــــــ ـــــ ـــ ـــــــ ـــ ـــــ ـــ ـــــــــ ـــ ـــــ ـــ ـــــــ ـــــ ـــ ـــــــ

ـــــ ـــ ـــــــ ـــ ـــــ ـــ ـــــــــ ـــ ـــــ ـــ ـــــــ ـــــ ـــ ـــــــ ـــ ـــــ ـــ ـــــــــ ـــ ـــــ ـــ ـــــــ ـــــ ـــ ـــــــ ـــ ـــــ ـــ ـــــــــ ـــ ـــــ ـــ ـــــــ ـــــ ـــ ـــــــ ـــ ـــــ ـــ ـــــــــ ـــ ـــــ ـــ ـــــــ ـــــ ـــ ـــــــ ـــ ـــــ ـــ ـــــــــ ـــ ـــــ ـــ ـــــــ ـــــ ـــ ـــــــ ـــ ـــــ ـــ ـــــــــ ـــ ـــــ ـــ ـــــــ ـــــ ـــ ـــــــ ـــ ـــــ ـــ ـــــــــ ـــ ـــــ ـــ ـــــــ ـــــ ـــ ـــــــ ـــ ـــــ ـــ ـــــــــ ـــ ـــــ ـــ ـــــــ ـــــ ـــ ـــــــ ـــ ـــــ ـــ ـــــــــ ـــ ـــــ ـــ ـــــــ ـــــ ـــ ـــــــ ـــ ـــــ ـــ ـــــــــ ـــ ـــــ ـــ ـــــــ ـــــ ـــ ـــــــ ـــ ـــــ ـــ ـــــــــ ـــ ـــــ ـــ ـــــــ ـــــ ـــ ـــــــ ـــ ـــــ ـــ ـــــــــ ـــ ـــــ ـــ ـــــــ ـــــ ـــ ـــــــ ـــ ـــــ ـــ ـــــــــ ـــ ـــــ ـــ ـــــــ ـــــ ـــ ـــــــ ـــ ـــــ ـــ ـــــــــ ـــ ـــــ ـــ ـــــــ ـــــ ـــ ـــــــ ـــ ـــــ ـــ ـــــــــ ـــ ـــــ ـــ ـــــــ ـــــ ـــ ـــــــ ـــ ـــــ ـــ ـــــــــ ـــ ـــــ ـــ ـــــــ ـــــ ـــ ـــــــ ـــ ـــــ ـــ ـــــــــ ـــ ـــــ ـــ ـــــــ ـــــ ـــ ـــــــ ـــ ـــــ ـــ ـــــــــ ـــ ـــــ ـــ ـــــــ ـــــ ـــ ـــــــ
